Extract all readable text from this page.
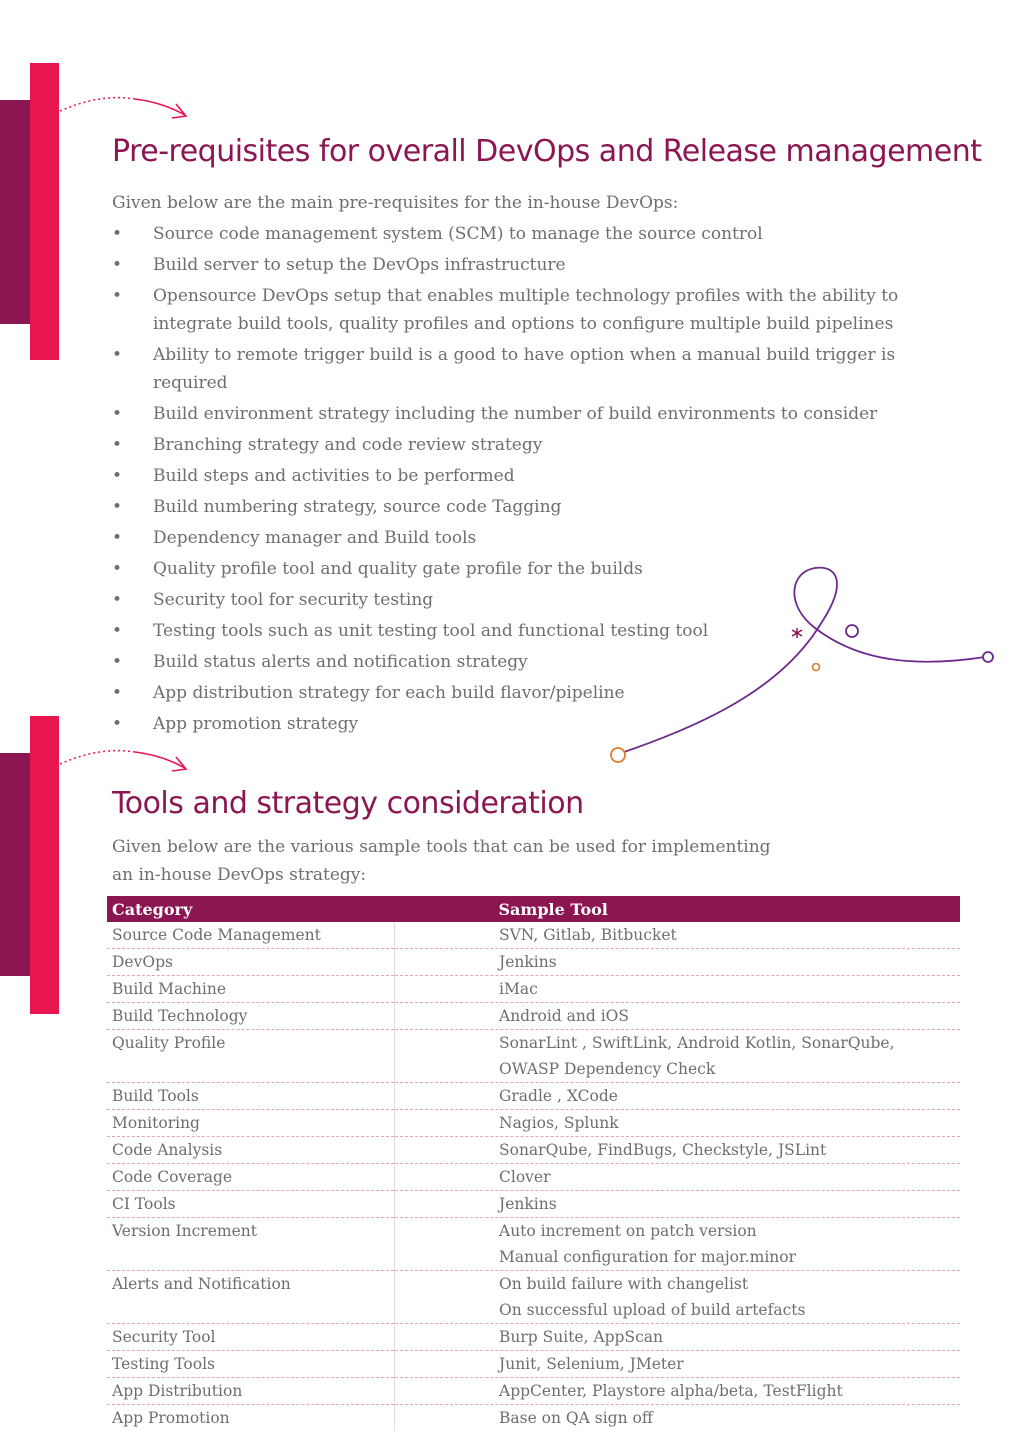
Pre-requisites for overall DevOps and Release management

Given below are the main pre-requisites for the in-house DevOps:

• Source code management system (SCM) to manage the source control
• Build server to setup the DevOps infrastructure
• Opensource DevOps setup that enables multiple technology profiles with the ability to integrate build tools, quality profiles and options to configure multiple build pipelines
• Ability to remote trigger build is a good to have option when a manual build trigger is required
• Build environment strategy including the number of build environments to consider
• Branching strategy and code review strategy
• Build steps and activities to be performed
• Build numbering strategy, source code Tagging
• Dependency manager and Build tools
• Quality profile tool and quality gate profile for the builds
• Security tool for security testing
• Testing tools such as unit testing tool and functional testing tool
• Build status alerts and notification strategy
• App distribution strategy for each build flavor/pipeline
• App promotion strategy
Tools and strategy consideration

Given below are the various sample tools that can be used for implementing
an in-house DevOps strategy:

Category	Sample Tool
Source Code Management	SVN, Gitlab, Bitbucket

DevOps	Jenkins

Build Machine	iMac

Build Technology	Android and iOS

Quality Profile	SonarLint , SwiftLink, Android Kotlin, SonarQube,
OWASP Dependency Check

Build Tools	Gradle , XCode

Monitoring	Nagios, Splunk

Code Analysis	SonarQube, FindBugs, Checkstyle, JSLint

Code Coverage	Clover

CI Tools	Jenkins

Version Increment	Auto increment on patch version
Manual configuration for major.minor

Alerts and Notification	On build failure with changelist
On successful upload of build artefacts

Security Tool	Burp Suite, AppScan

Testing Tools	Junit, Selenium, JMeter

App Distribution	AppCenter, Playstore alpha/beta, TestFlight

App Promotion	Base on QA sign off
